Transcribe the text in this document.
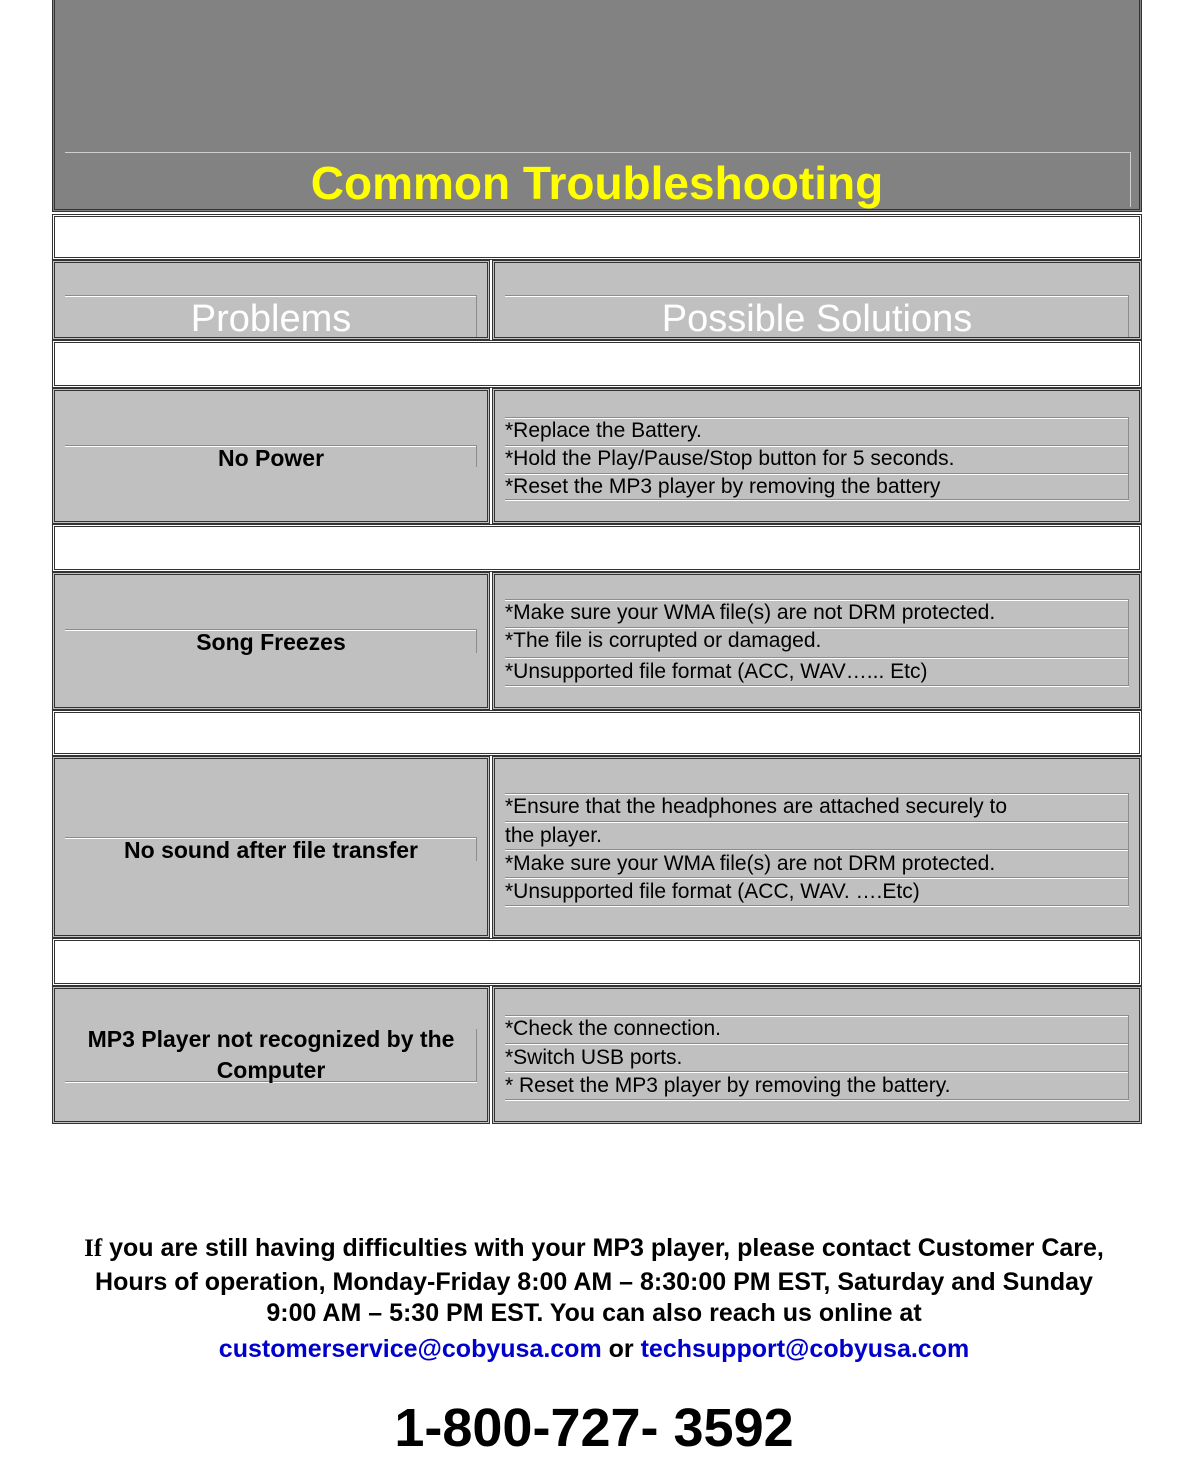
Common Troubleshooting
Problems	Possible Solutions
No Power
*Replace the Battery.
*Hold the Play/Pause/Stop button for 5 seconds.
*Reset the MP3 player by removing the battery
Song Freezes
*Make sure your WMA file(s) are not DRM protected.
*The file is corrupted or damaged.
*Unsupported file format (ACC, WAV…... Etc)
No sound after file transfer
*Ensure that the headphones are attached securely to
the player.
*Make sure your WMA file(s) are not DRM protected.
*Unsupported file format (ACC, WAV. ….Etc)
MP3 Player not recognized by the
Computer
*Check the connection.
*Switch USB ports.
* Reset the MP3 player by removing the battery.
If you are still having difficulties with your MP3 player, please contact Customer Care,
Hours of operation, Monday-Friday 8:00 AM – 8:30:00 PM EST, Saturday and Sunday
9:00 AM – 5:30 PM EST. You can also reach us online at
customerservice@cobyusa.com or techsupport@cobyusa.com
1-800-727- 3592
